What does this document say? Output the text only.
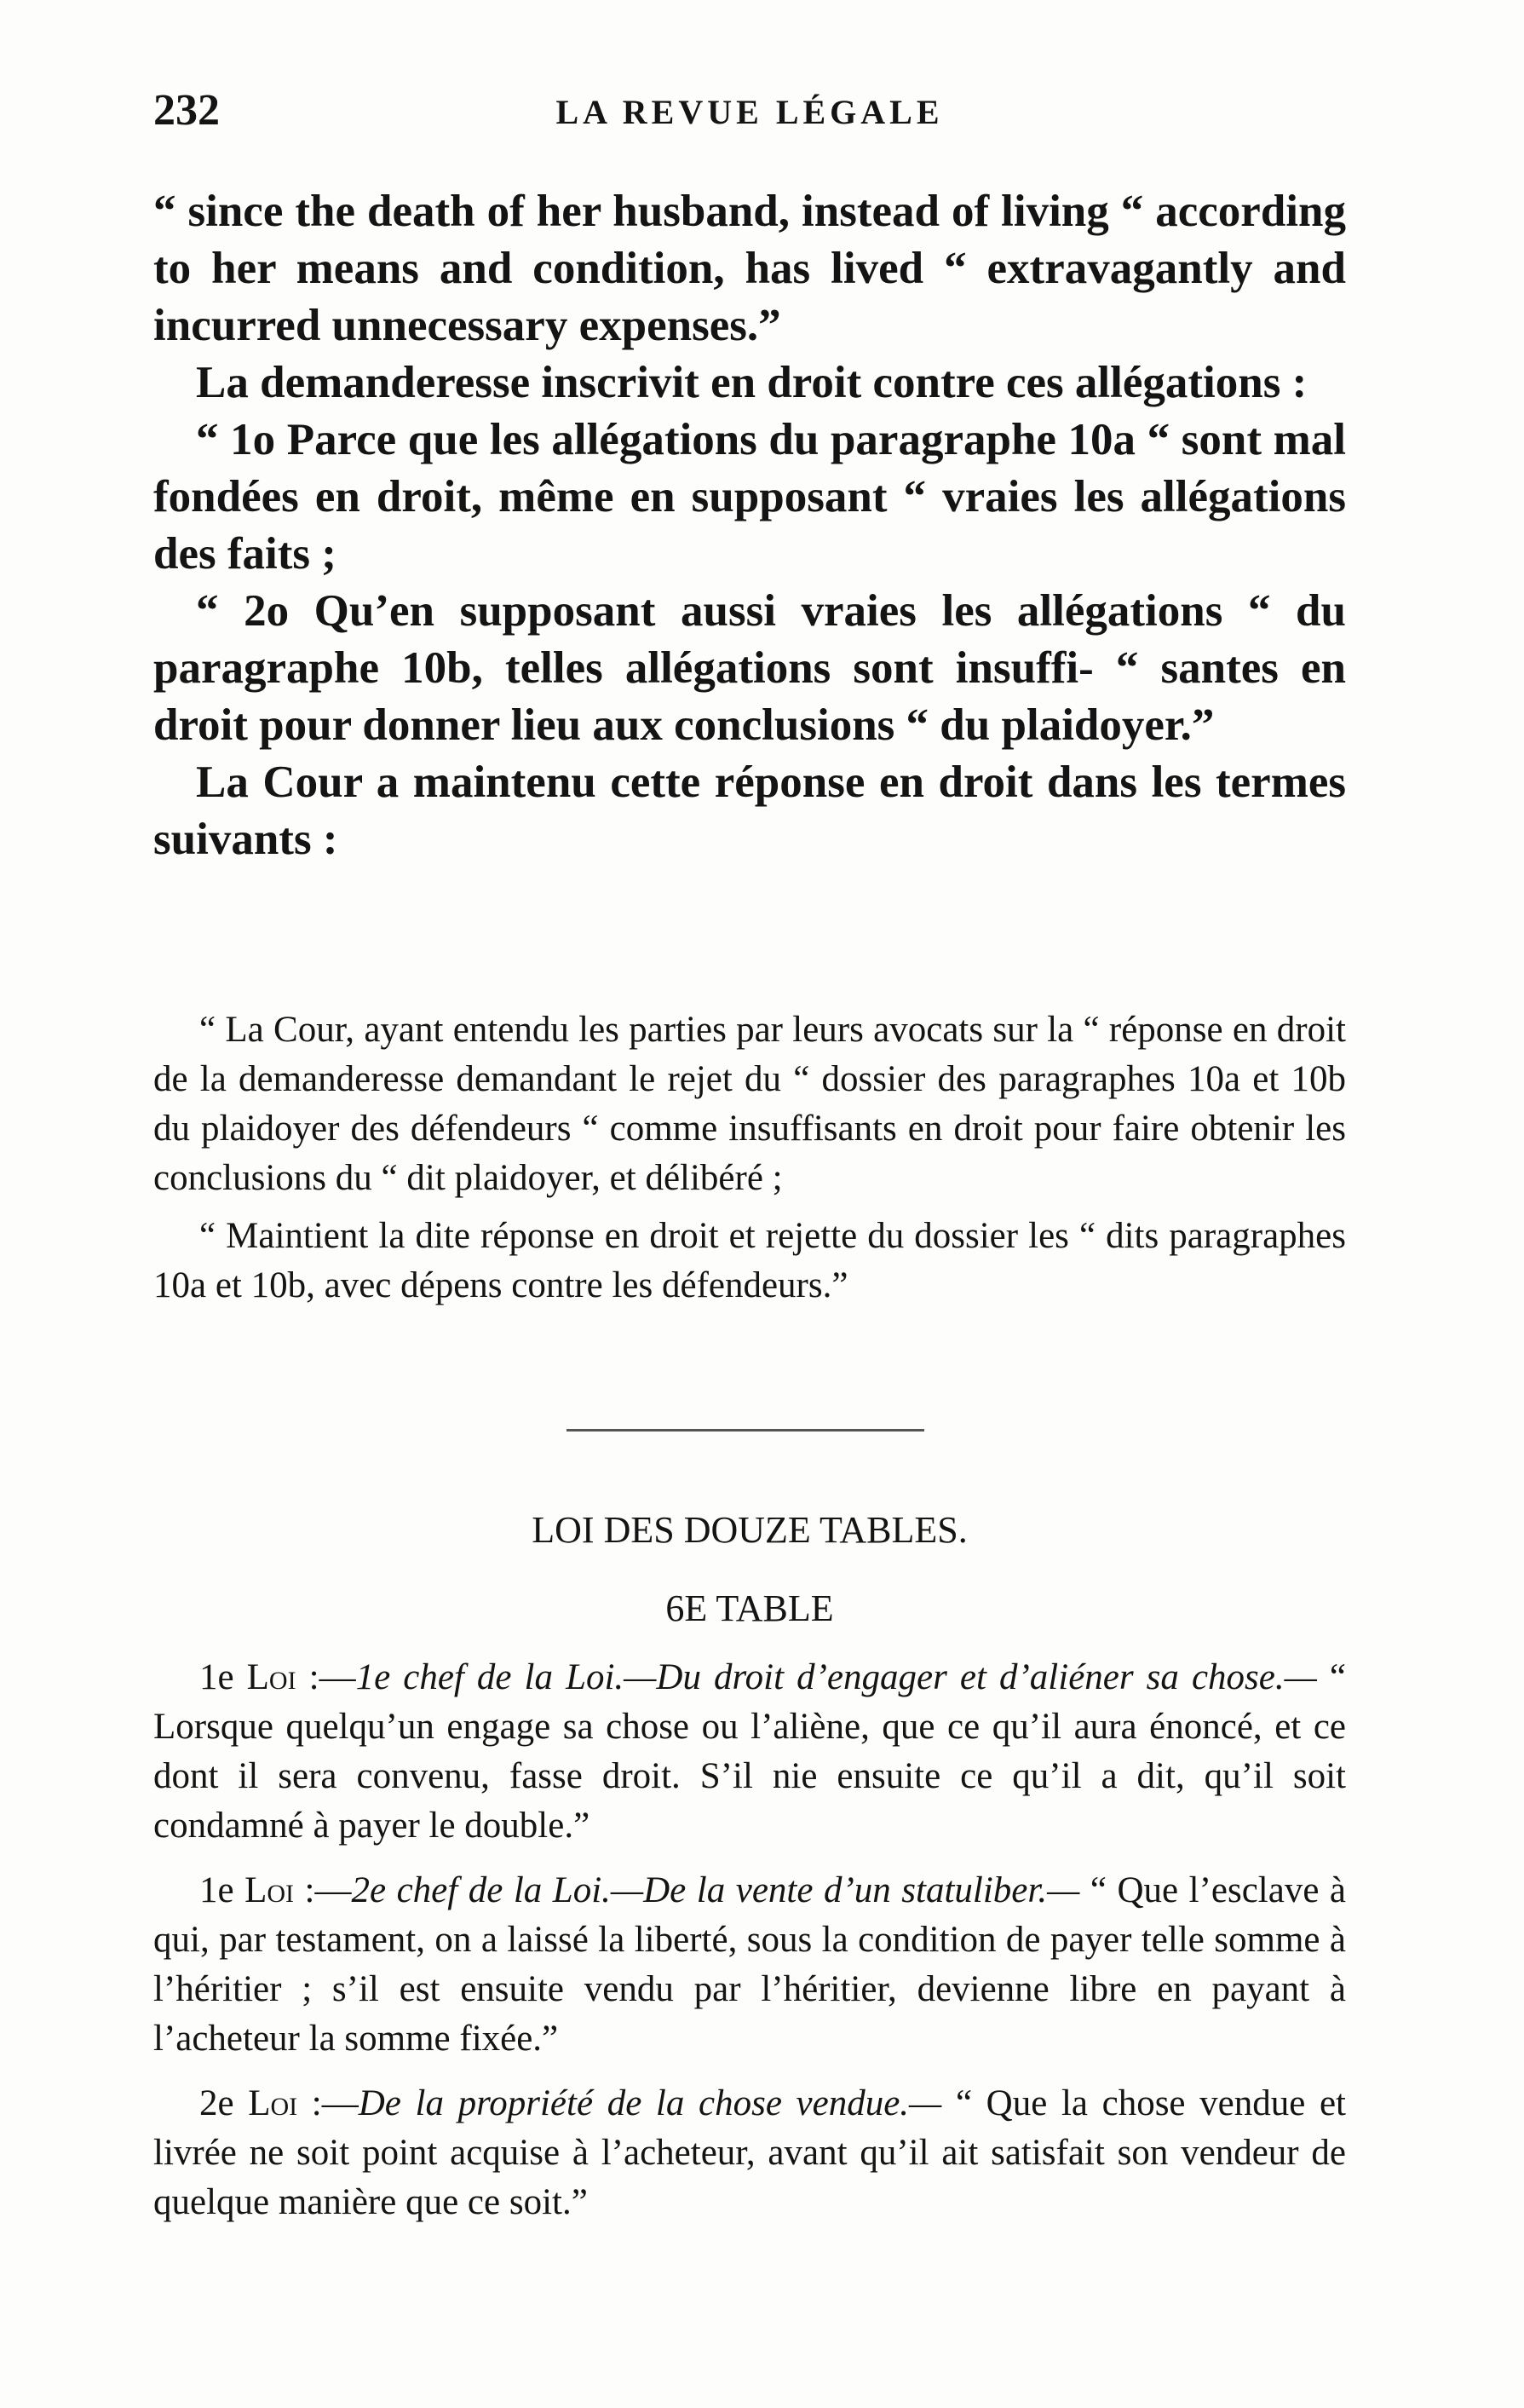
232	LA REVUE LÉGALE

“ since the death of her husband, instead of living “ according to her means and condition, has lived “ extravagantly and incurred unnecessary expenses.”

La demanderesse inscrivit en droit contre ces allégations :

“ 1o Parce que les allégations du paragraphe 10a “ sont mal fondées en droit, même en supposant “ vraies les allégations des faits ;

“ 2o Qu’en supposant aussi vraies les allégations “ du paragraphe 10b, telles allégations sont insuffi- “ santes en droit pour donner lieu aux conclusions “ du plaidoyer.”

La Cour a maintenu cette réponse en droit dans les termes suivants :

“ La Cour, ayant entendu les parties par leurs avocats sur la “ réponse en droit de la demanderesse demandant le rejet du “ dossier des paragraphes 10a et 10b du plaidoyer des défendeurs “ comme insuffisants en droit pour faire obtenir les conclusions du “ dit plaidoyer, et délibéré ;

“ Maintient la dite réponse en droit et rejette du dossier les “ dits paragraphes 10a et 10b, avec dépens contre les défendeurs.”

LOI DES DOUZE TABLES.
6E TABLE

1e Loi :—1e chef de la Loi.—Du droit d’engager et d’aliéner sa chose.— “ Lorsque quelqu’un engage sa chose ou l’aliène, que ce qu’il aura énoncé, et ce dont il sera convenu, fasse droit. S’il nie ensuite ce qu’il a dit, qu’il soit condamné à payer le double.”

1e Loi :—2e chef de la Loi.—De la vente d’un statuliber.— “ Que l’esclave à qui, par testament, on a laissé la liberté, sous la condition de payer telle somme à l’héritier ; s’il est ensuite vendu par l’héritier, devienne libre en payant à l’acheteur la somme fixée.”

2e Loi :—De la propriété de la chose vendue.— “ Que la chose vendue et livrée ne soit point acquise à l’acheteur, avant qu’il ait satisfait son vendeur de quelque manière que ce soit.”
